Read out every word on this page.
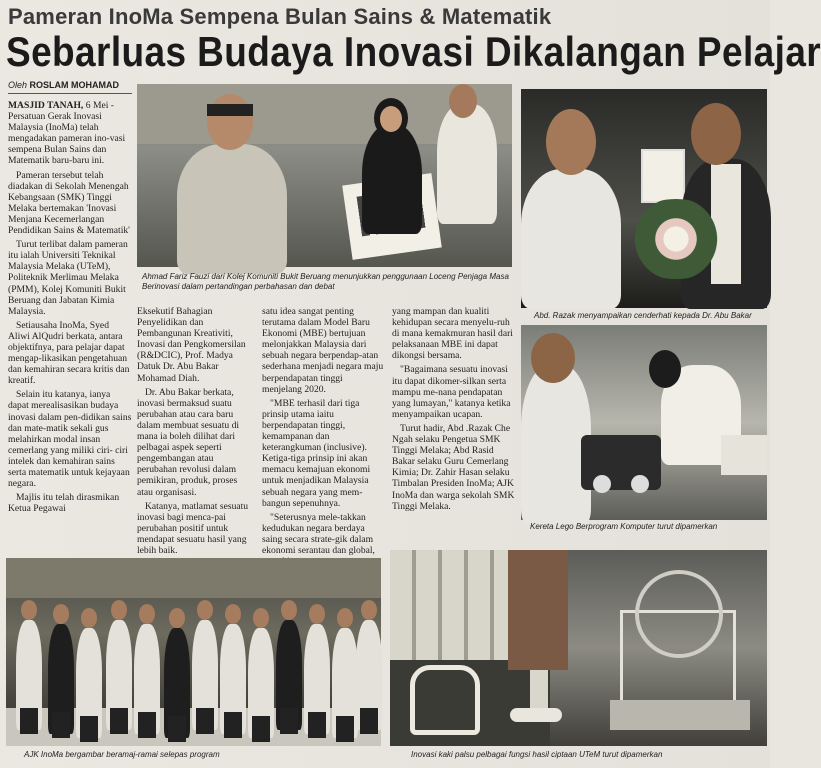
Pameran InoMa Sempena Bulan Sains & Matematik
Sebarluas Budaya Inovasi Dikalangan Pelajar
Oleh ROSLAM MOHAMAD

MASJID TANAH, 6 Mei - Persatuan Gerak Inovasi Malaysia (InoMa) telah mengadakan pameran ino-vasi sempena Bulan Sains dan Matematik baru-baru ini.

Pameran tersebut telah diadakan di Sekolah Menengah Kebangsaan (SMK) Tinggi Melaka bertemakan 'Inovasi Menjana Kecemerlangan Pendidikan Sains & Matematik'

Turut terlibat dalam pameran itu ialah Universiti Teknikal Malaysia Melaka (UTeM), Politeknik Merlimau Melaka (PMM), Kolej Komuniti Bukit Beruang dan Jabatan Kimia Malaysia.

Setiausaha InoMa, Syed Aliwi AlQudri berkata, antara objektifnya, para pelajar dapat mengap-likasikan pengetahuan dan kemahiran secara kritis dan kreatif.

Selain itu katanya, ianya dapat merealisasikan budaya inovasi dalam pen-didikan sains dan mate-matik sekali gus melahirkan modal insan cemerlang yang miliki ciri- ciri intelek dan kemahiran sains serta matematik untuk kejayaan negara.

Majlis itu telah dirasmikan Ketua Pegawai

Ahmad Fariz Fauzi dari Kolej Komuniti Bukit Beruang menunjukkan penggunaan Loceng Penjaga Masa Berinovasi dalam pertandingan perbahasan dan debat
Abd. Razak menyampaikan cenderhati kepada Dr. Abu Bakar

Eksekutif Bahagian Penyelidikan dan Pembangunan Kreativiti, Inovasi dan Pengkomersilan (R&DCIC), Prof. Madya Datuk Dr. Abu Bakar Mohamad Diah.

Dr. Abu Bakar berkata, inovasi bermaksud suatu perubahan atau cara baru dalam membuat sesuatu di mana ia boleh dilihat dari pelbagai aspek seperti pengembangan atau perubahan revolusi dalam pemikiran, produk, proses atau organisasi.

Katanya, matlamat sesuatu inovasi bagi menca-pai perubahan positif untuk mendapat sesuatu hasil yang lebih baik.

satu idea sangat penting terutama dalam Model Baru Ekonomi (MBE) bertujuan melonjakkan Malaysia dari sebuah negara berpendap-atan sederhana menjadi negara maju berpendapatan tinggi menjelang 2020.

"MBE terhasil dari tiga prinsip utama iaitu berpendapatan tinggi, kemampanan dan keterangkuman (inclusive). Ketiga-tiga prinsip ini akan memacu kemajuan ekonomi untuk menjadikan Malaysia sebuah negara yang mem-bangun sepenuhnya.

"Seterusnya mele-takkan kedudukan negara berdaya saing secara strate-gik dalam ekonomi serantau dan global,

yang mampan dan kualiti kehidupan secara menyelu-ruh di mana kemakmuran hasil dari pelaksanaan MBE ini dapat dikongsi bersama.

"Bagaimana sesuatu inovasi itu dapat dikomer-silkan serta mampu me-nana pendapatan yang lumayan," katanya ketika menyampaikan ucapan.

Turut hadir, Abd .Razak Che Ngah selaku Pengetua SMK Tinggi Melaka; Abd Rasid Bakar selaku Guru Cemerlang Kimia; Dr. Zahir Hasan selaku Timbalan Presiden InoMa; AJK InoMa dan warga sekolah SMK Tinggi Melaka.

Kereta Lego Berprogram Komputer turut dipamerkan
AJK InoMa bergambar beramaj-ramai selepas program	Inovasi kaki palsu pelbagai fungsi hasil ciptaan UTeM turut dipamerkan
